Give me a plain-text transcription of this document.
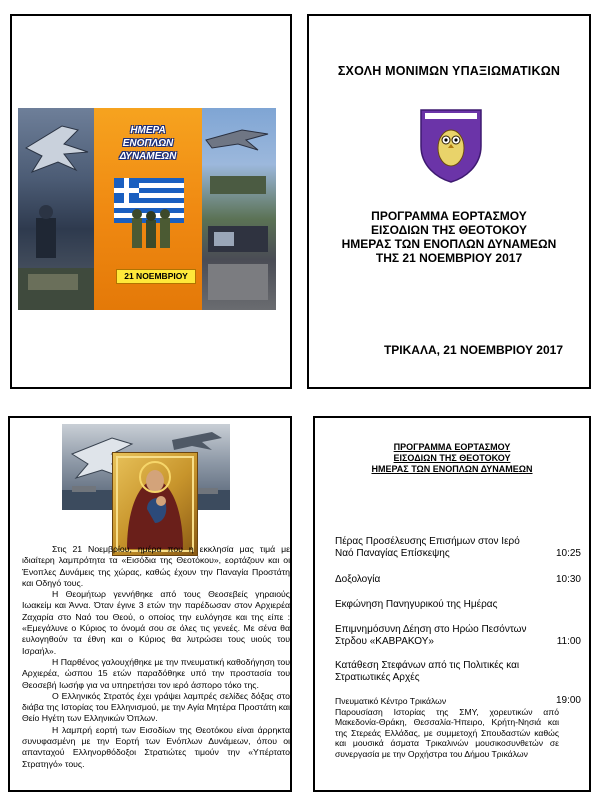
ΗΜΕΡΑ
ΕΝΟΠΛΩΝ ΔΥΝΑΜΕΩΝ
21 ΝΟΕΜΒΡΙΟΥ
ΣΧΟΛΗ ΜΟΝΙΜΩΝ ΥΠΑΞΙΩΜΑΤΙΚΩΝ
ΠΡΟΓΡΑΜΜΑ ΕΟΡΤΑΣΜΟΥ
ΕΙΣΟΔΙΩΝ ΤΗΣ ΘΕΟΤΟΚΟΥ
ΗΜΕΡΑΣ ΤΩΝ ΕΝΟΠΛΩΝ ΔΥΝΑΜΕΩΝ
ΤΗΣ 21 ΝΟΕΜΒΡΙΟΥ 2017
ΤΡΙΚΑΛΑ, 21 ΝΟΕΜΒΡΙΟΥ 2017

Στις 21 Νοεμβρίου, ημέρα που η εκκλησία μας τιμά με ιδιαίτερη λαμπρότητα τα «Εισόδια της Θεοτόκου», εορτάζουν και οι Ένοπλες Δυνάμεις της χώρας, καθώς έχουν την Παναγία Προστάτη και Οδηγό τους.

Η Θεομήτωρ γεννήθηκε από τους Θεοσεβείς γηραιούς Ιωακείμ και Άννα. Όταν έγινε 3 ετών την παρέδωσαν στον Αρχιερέα Ζαχαρία στο Ναό του Θεού, ο οποίος την ευλόγησε και της είπε : «Εμεγάλυνε ο Κύριος το όνομά σου σε όλες τις γενεές. Με σένα θα ευλογηθούν τα έθνη και ο Κύριος θα λυτρώσει τους υιούς του Ισραήλ».

Η Παρθένος γαλουχήθηκε με την πνευματική καθοδήγηση του Αρχιερέα, ώσπου 15 ετών παραδόθηκε υπό την προστασία του Θεοσεβή Ιωσήφ για να υπηρετήσει τον ιερό άσπορο τόκο της.

Ο Ελληνικός Στρατός έχει γράψει λαμπρές σελίδες δόξας στο διάβα της Ιστορίας του Ελληνισμού, με την Αγία Μητέρα Προστάτη και Θείο Ηγέτη των Ελληνικών Όπλων.

Η λαμπρή εορτή των Εισοδίων της Θεοτόκου είναι άρρηκτα συνυφασμένη με την Εορτή των Ενόπλων Δυνάμεων, όπου οι απανταχού Ελληνορθόδοξοι Στρατιώτες τιμούν την «Υπέρτατο Στρατηγό» τους.

ΠΡΟΓΡΑΜΜΑ ΕΟΡΤΑΣΜΟΥ
ΕΙΣΟΔΙΩΝ ΤΗΣ ΘΕΟΤΟΚΟΥ
ΗΜΕΡΑΣ ΤΩΝ ΕΝΟΠΛΩΝ ΔΥΝΑΜΕΩΝ
Πέρας Προσέλευσης Επισήμων στον Ιερό Ναό Παναγίας Επίσκεψης	10:25
Δοξολογία	10:30
Εκφώνηση Πανηγυρικού της Ημέρας
Επιμνημόσυνη Δέηση στο Ηρώο Πεσόντων Στρδου «ΚΑΒΡΑΚΟΥ»	11:00
Κατάθεση Στεφάνων από τις Πολιτικές και Στρατιωτικές Αρχές
Πνευματικό Κέντρο Τρικάλων	19:00
Παρουσίαση Ιστορίας της ΣΜΥ, χορευτικών από Μακεδονία-Θράκη, Θεσσαλία-Ήπειρο, Κρήτη-Νησιά και της Στερεάς Ελλάδας, με συμμετοχή Σπουδαστών καθώς και μουσικά άσματα Τρικαλινών μουσικοσυνθετών σε συνεργασία με την Ορχήστρα του Δήμου Τρικάλων
